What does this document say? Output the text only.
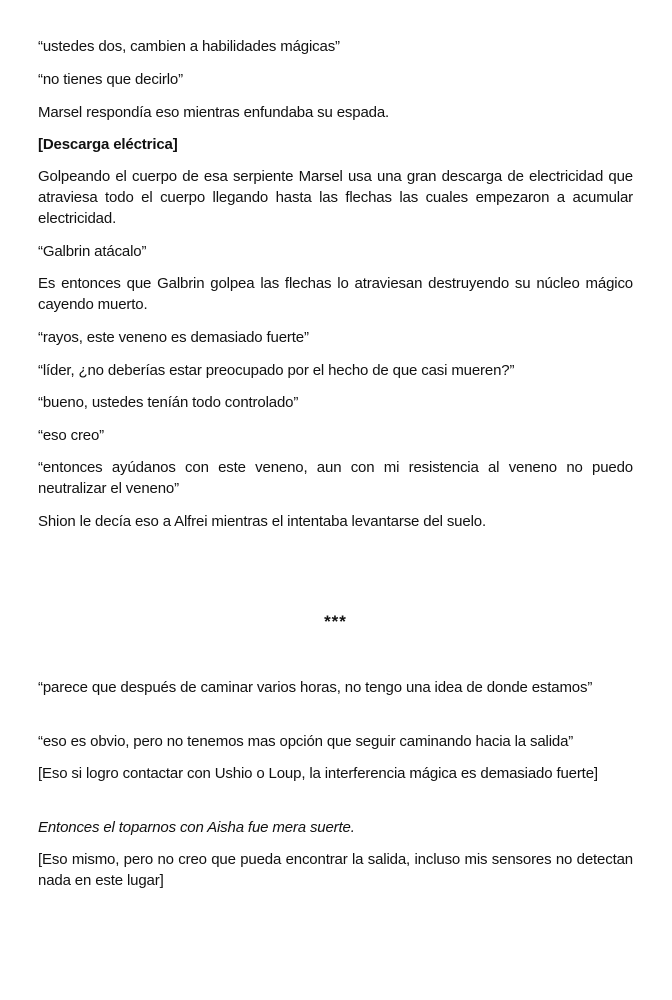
“ustedes dos, cambien a habilidades mágicas”

“no tienes que decirlo”

Marsel respondía eso mientras enfundaba su espada.

[Descarga eléctrica]

Golpeando el cuerpo de esa serpiente Marsel usa una gran descarga de electricidad que atraviesa todo el cuerpo llegando hasta las flechas las cuales empezaron a acumular electricidad.

“Galbrin atácalo”

Es entonces que Galbrin golpea las flechas lo atraviesan destruyendo su núcleo mágico cayendo muerto.

“rayos, este veneno es demasiado fuerte”

“líder, ¿no deberías estar preocupado por el hecho de que casi mueren?”

“bueno, ustedes teníán todo controlado”

“eso creo”

“entonces ayúdanos con este veneno, aun con mi resistencia al veneno no puedo neutralizar el veneno”

Shion le decía eso a Alfrei mientras el intentaba levantarse del suelo.

***

“parece que después de caminar varios horas, no tengo una idea de donde estamos”

“eso es obvio, pero no tenemos mas opción que seguir caminando hacia la salida”

[Eso si logro contactar con Ushio o Loup, la interferencia mágica es demasiado fuerte]

Entonces el toparnos con Aisha fue mera suerte.

[Eso mismo, pero no creo que pueda encontrar la salida, incluso mis sensores no detectan nada en este lugar]
